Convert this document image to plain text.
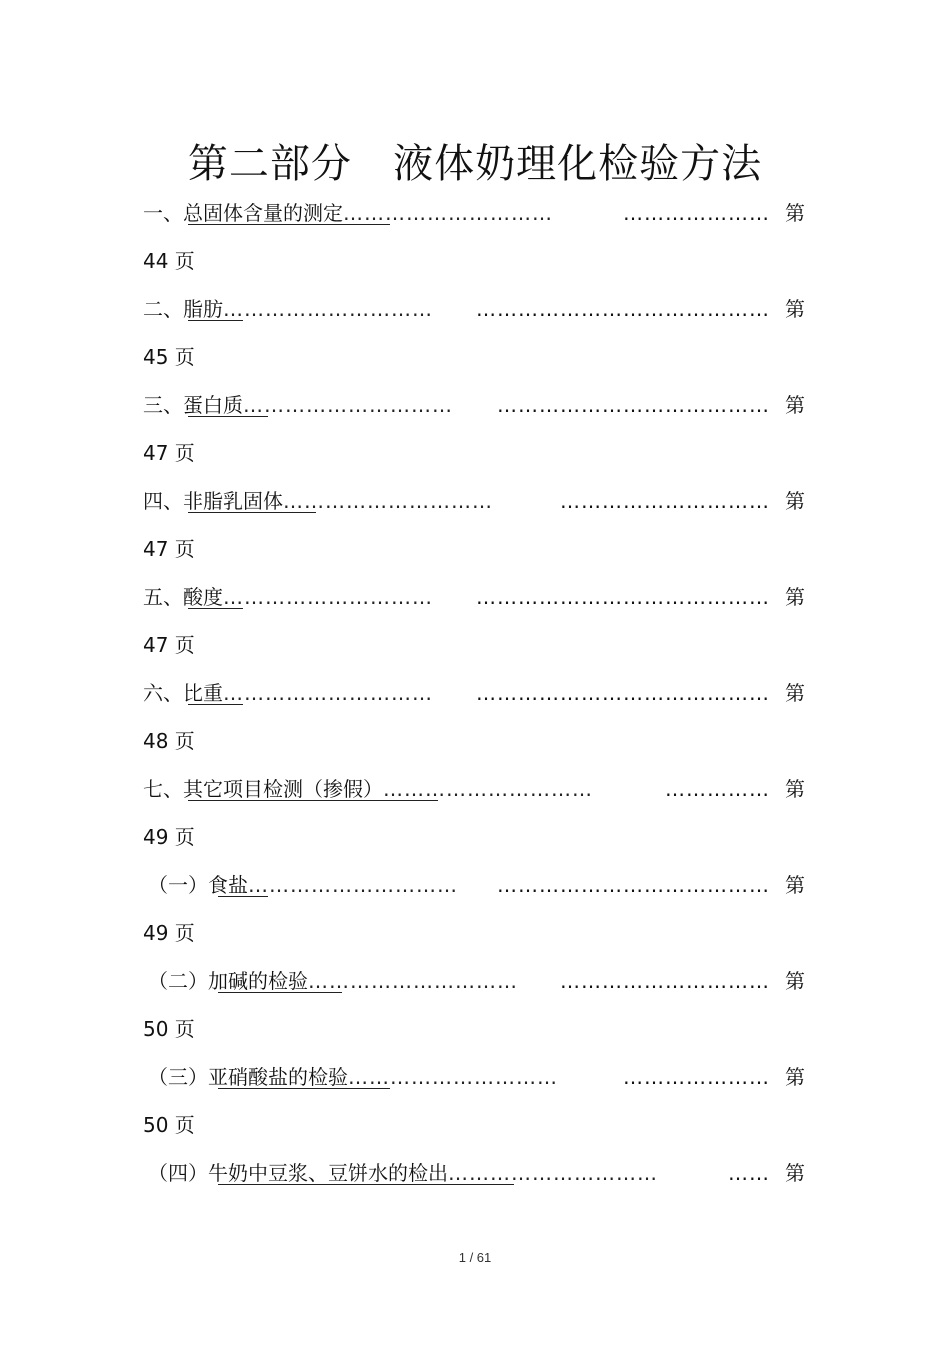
第二部分   液体奶理化检验方法
一、总固体含量的测定…………………………	………………… 第
44 页
二、脂肪………………………… …………………………………… 第
45 页
三、蛋白质………………………… ………………………………… 第
47 页
四、非脂乳固体…………………………	………………………… 第
47 页
五、酸度………………………… …………………………………… 第
47 页
六、比重………………………… …………………………………… 第
48 页
七、其它项目检测（掺假）…………………………	…………… 第
49 页
（一）食盐………………………… ………………………………… 第
49 页
（二）加碱的检验………………………… ………………………… 第
50 页
（三）亚硝酸盐的检验…………………………	………………… 第
50 页
（四）牛奶中豆浆、豆饼水的检出…………………………	…… 第
1 / 61
